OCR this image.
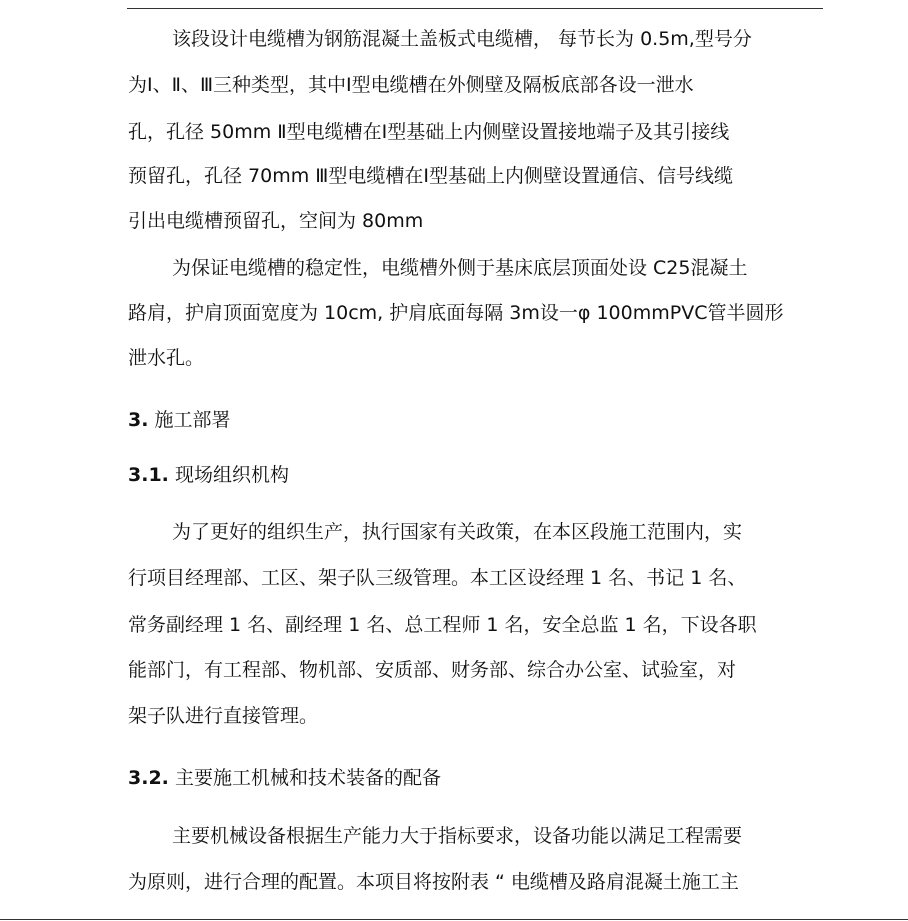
该段设计电缆槽为钢筋混凝土盖板式电缆槽， 每节长为 0.5m,型号分
为Ⅰ、Ⅱ、Ⅲ三种类型，其中Ⅰ型电缆槽在外侧壁及隔板底部各设一泄水
孔，孔径 50mm Ⅱ型电缆槽在Ⅰ型基础上内侧壁设置接地端子及其引接线
预留孔，孔径 70mm Ⅲ型电缆槽在Ⅰ型基础上内侧壁设置通信、信号线缆
引出电缆槽预留孔，空间为 80mm
为保证电缆槽的稳定性，电缆槽外侧于基床底层顶面处设 C25混凝土
路肩，护肩顶面宽度为 10cm, 护肩底面每隔 3m设一φ 100mmPVC管半圆形
泄水孔。
3. 施工部署
3.1. 现场组织机构
为了更好的组织生产，执行国家有关政策，在本区段施工范围内，实
行项目经理部、工区、架子队三级管理。本工区设经理 1 名、书记 1 名、
常务副经理 1 名、副经理 1 名、总工程师 1 名，安全总监 1 名，下设各职
能部门，有工程部、物机部、安质部、财务部、综合办公室、试验室，对
架子队进行直接管理。
3.2. 主要施工机械和技术装备的配备
主要机械设备根据生产能力大于指标要求，设备功能以满足工程需要
为原则，进行合理的配置。本项目将按附表 “ 电缆槽及路肩混凝土施工主
